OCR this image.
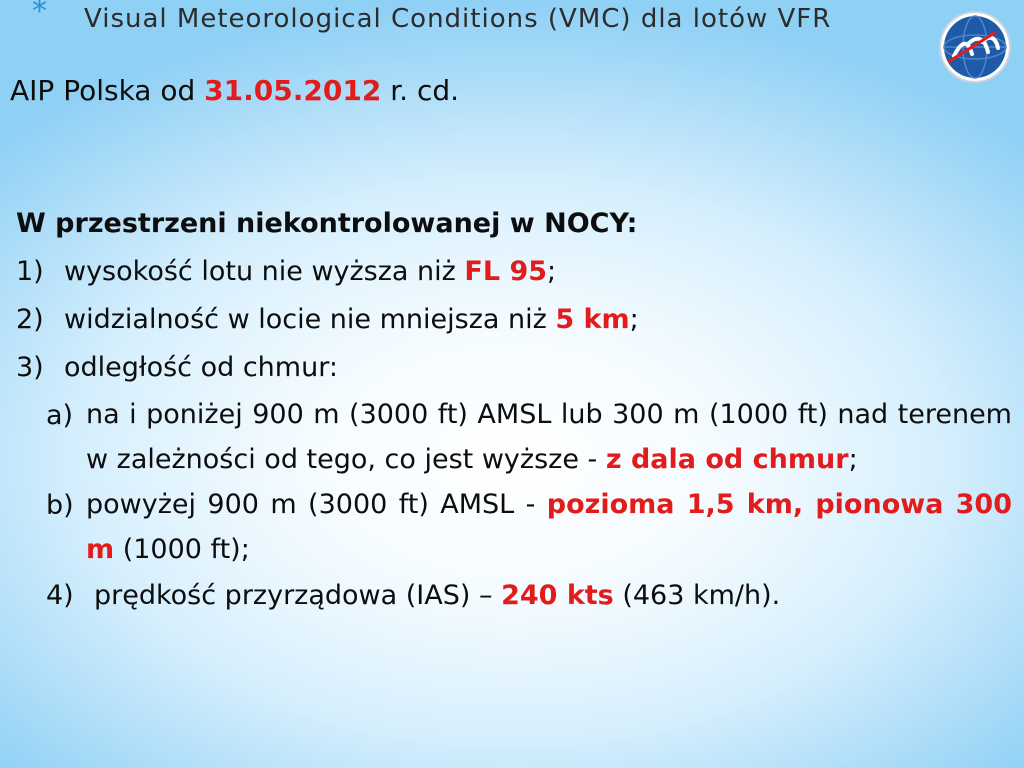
* Visual Meteorological Conditions (VMC) dla lotów VFR
AIP Polska od 31.05.2012 r. cd.
W przestrzeni niekontrolowanej w NOCY:
1) wysokość lotu nie wyższa niż FL 95;
2) widzialność w locie nie mniejsza niż 5 km;
3) odległość od chmur:
a) na i poniżej 900 m (3000 ft) AMSL lub 300 m (1000 ft) nad terenem w zależności od tego, co jest wyższe - z dala od chmur;
b) powyżej 900 m (3000 ft) AMSL - pozioma 1,5 km, pionowa 300 m (1000 ft);
4) prędkość przyrządowa (IAS) – 240 kts (463 km/h).
